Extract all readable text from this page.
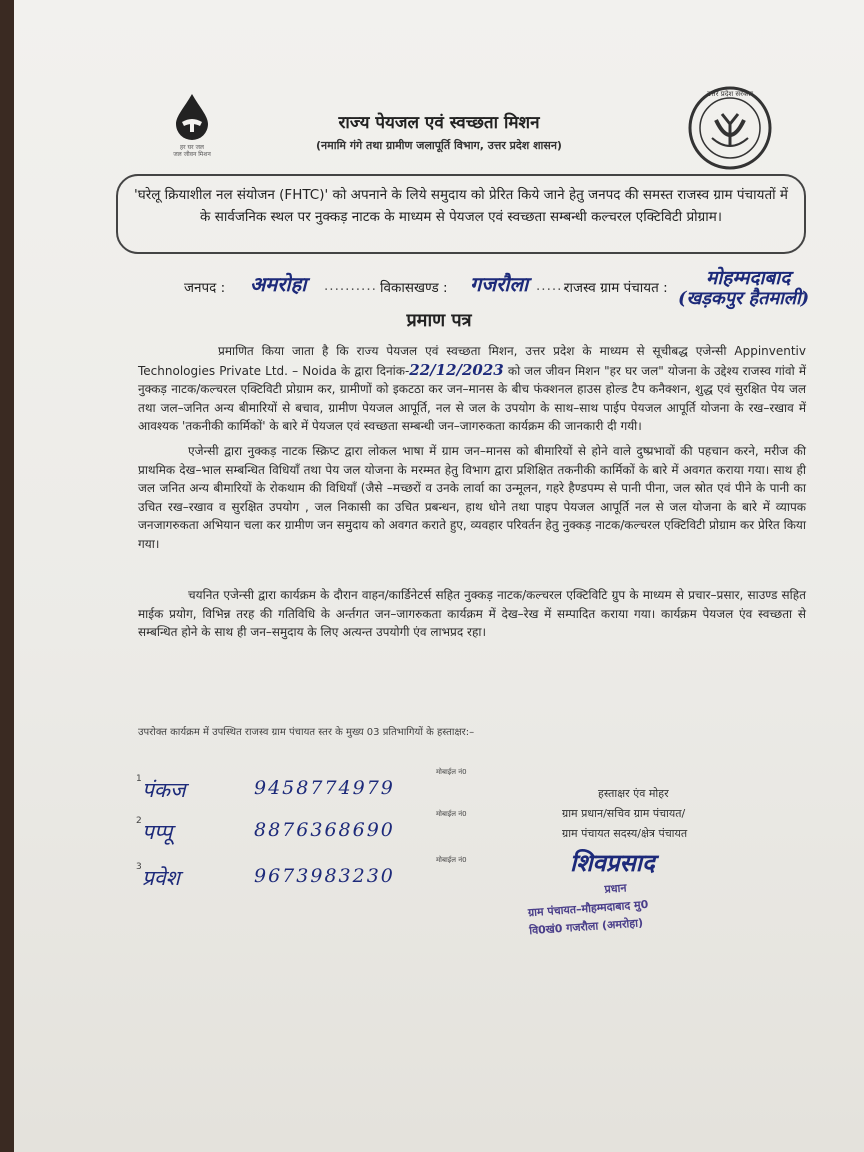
हर घर जल
जल जीवन मिशन
उत्तर प्रदेश सरकार
राज्य पेयजल एवं स्वच्छता मिशन
(नमामि गंगे तथा ग्रामीण जलापूर्ति विभाग, उत्तर प्रदेश शासन)
'घरेलू क्रियाशील नल संयोजन (FHTC)' को अपनाने के लिये समुदाय को प्रेरित किये जाने हेतु जनपद की समस्त राजस्व ग्राम पंचायतों में के सार्वजनिक स्थल पर नुक्कड़ नाटक के माध्यम से पेयजल एवं स्वच्छता सम्बन्धी कल्चरल एक्टिविटी प्रोग्राम।
जनपद : अमरोहा .......... विकासखण्ड : गजरौला ......
राजस्व ग्राम पंचायत : मोहम्मदाबाद
(खड़कपुर हैतमाली)
प्रमाण पत्र

प्रमाणित किया जाता है कि राज्य पेयजल एवं स्वच्छता मिशन, उत्तर प्रदेश के माध्यम से सूचीबद्ध एजेन्सी Appinventiv Technologies Private Ltd. – Noida के द्वारा दिनांक-22/12/2023 को जल जीवन मिशन "हर घर जल" योजना के उद्देश्य राजस्व गांवो में नुक्कड़ नाटक/कल्चरल एक्टिविटी प्रोग्राम कर, ग्रामीणों को इकटठा कर जन–मानस के बीच फंक्शनल हाउस होल्ड टैप कनैक्शन, शुद्ध एवं सुरक्षित पेय जल तथा जल–जनित अन्य बीमारियों से बचाव, ग्रामीण पेयजल आपूर्ति, नल से जल के उपयोग के साथ–साथ पाईप पेयजल आपूर्ति योजना के रख–रखाव में आवश्यक 'तकनीकी कार्मिकों' के बारे में पेयजल एवं स्वच्छता सम्बन्धी जन–जागरुकता कार्यक्रम की जानकारी दी गयी।

एजेन्सी द्वारा नुक्कड़ नाटक स्क्रिप्ट द्वारा लोकल भाषा में ग्राम जन–मानस को बीमारियों से होने वाले दुष्प्रभावों की पहचान करने, मरीज की प्राथमिक देख–भाल सम्बन्धित विधियाँ तथा पेय जल योजना के मरम्मत हेतु विभाग द्वारा प्रशिक्षित तकनीकी कार्मिकों के बारे में अवगत कराया गया। साथ ही जल जनित अन्य बीमारियों के रोकथाम की विधियाँ (जैसे –मच्छरों व उनके लार्वा का उन्मूलन, गहरे हैण्डपम्प से पानी पीना, जल स्रोत एवं पीने के पानी का उचित रख–रखाव व सुरक्षित उपयोग , जल निकासी का उचित प्रबन्धन, हाथ धोने तथा पाइप पेयजल आपूर्ति नल से जल योजना के बारे में व्यापक जनजागरुकता अभियान चला कर ग्रामीण जन समुदाय को अवगत कराते हुए, व्यवहार परिवर्तन हेतु नुक्कड़ नाटक/कल्चरल एक्टिविटी प्रोग्राम कर प्रेरित किया गया।

चयनित एजेन्सी द्वारा कार्यक्रम के दौरान वाहन/कार्डिनेटर्स सहित नुक्कड़ नाटक/कल्चरल एक्टिविटि ग्रुप के माध्यम से प्रचार–प्रसार, साउण्ड सहित माईक प्रयोग, विभिन्न तरह की गतिविधि के अर्न्तगत जन–जागरुकता कार्यक्रम में देख–रेख में सम्पादित कराया गया। कार्यक्रम पेयजल एंव स्वच्छता से सम्बन्धित होने के साथ ही जन–समुदाय के लिए अत्यन्त उपयोगी एंव लाभप्रद रहा।

उपरोक्त कार्यक्रम में उपस्थित राजस्व ग्राम पंचायत स्तर के मुख्य 03 प्रतिभागियों के हस्ताक्षर:–
1 पंकज	9458774979
मोबाईल नं0
2 पप्पू	8876368690
मोबाईल नं0
3 प्रवेश	9673983230
मोबाईल नं0
हस्ताक्षर एंव मोहर
ग्राम प्रधान/सचिव ग्राम पंचायत/
ग्राम पंचायत सदस्य/क्षेत्र पंचायत
शिवप्रसाद
प्रधान
ग्राम पंचायत–मौहम्मदाबाद मु0
वि0खं0 गजरौला (अमरोहा)
